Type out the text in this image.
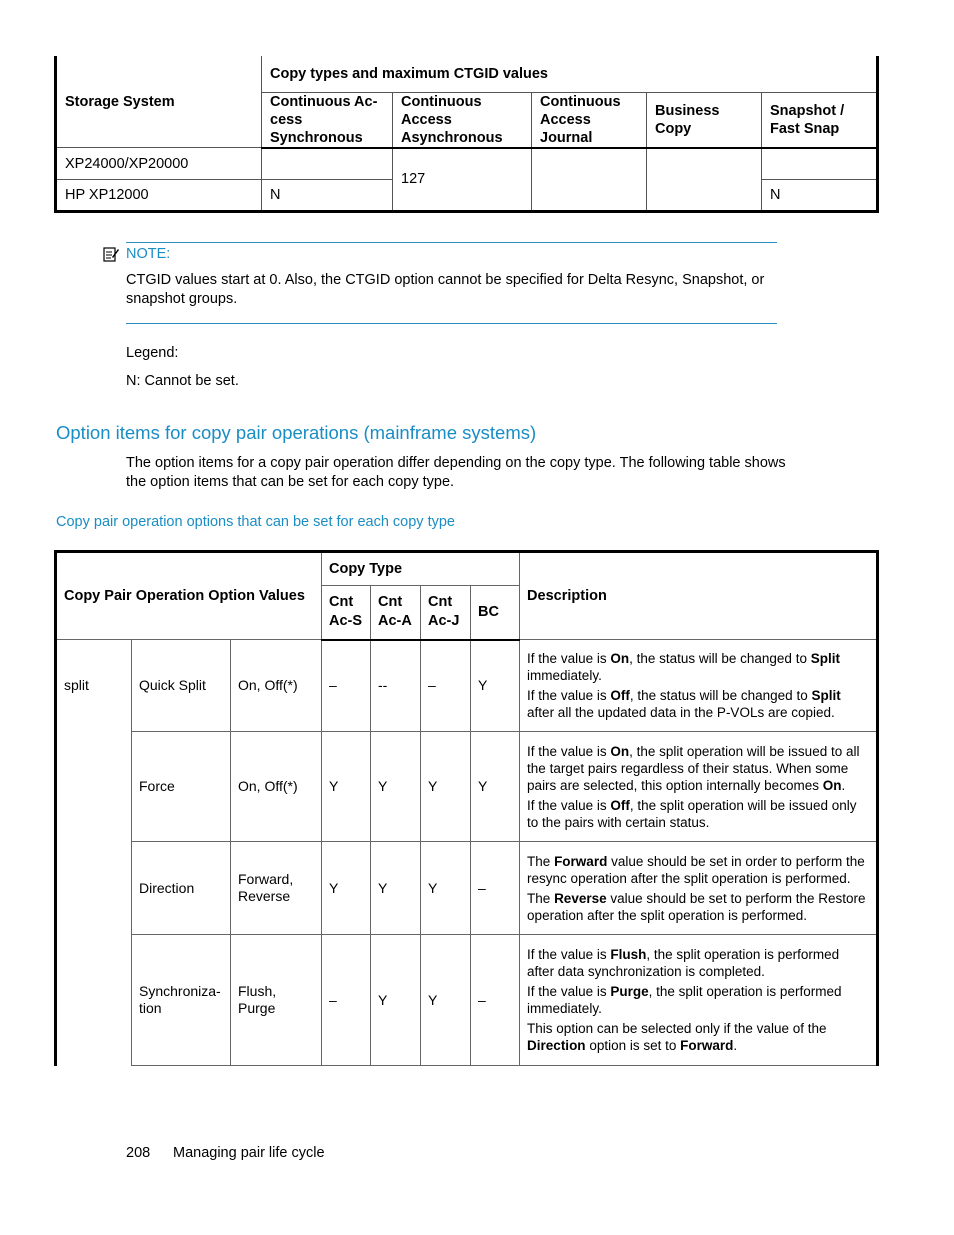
Storage System	Copy types and maximum CTGID values				
	Continuous Access Synchronous	Continuous Access Asynchronous	Continuous Access Journal	Business Copy	Snapshot / Fast Snap
XP24000/XP20000		127			
HP XP12000	N				N
NOTE:
CTGID values start at 0. Also, the CTGID option cannot be specified for Delta Resync, Snapshot, or snapshot groups.
Legend:
N: Cannot be set.
Option items for copy pair operations (mainframe systems)
The option items for a copy pair operation differ depending on the copy type. The following table shows the option items that can be set for each copy type.
Copy pair operation options that can be set for each copy type
Copy Pair Operation Option Values			Copy Type				Description
			Cnt Ac-S	Cnt Ac-A	Cnt Ac-J	BC	
split	Quick Split	On, Off(*)	–	--	–	Y	If the value is On, the status will be changed to Split immediately.

If the value is Off, the status will be changed to Split after all the updated data in the P-VOLs are copied.

	Force	On, Off(*)	Y	Y	Y	Y	If the value is On, the split operation will be issued to all the target pairs regardless of their status. When some pairs are selected, this option internally becomes On.

If the value is Off, the split operation will be issued only to the pairs with certain status.

	Direction	Forward, Reverse	Y	Y	Y	–	The Forward value should be set in order to perform the resync operation after the split operation is performed.

The Reverse value should be set to perform the Restore operation after the split operation is performed.

	Synchronization	Flush, Purge	–	Y	Y	–	If the value is Flush, the split operation is performed after data synchronization is completed.

If the value is Purge, the split operation is performed immediately.

This option can be selected only if the value of the Direction option is set to Forward.

208 Managing pair life cycle
